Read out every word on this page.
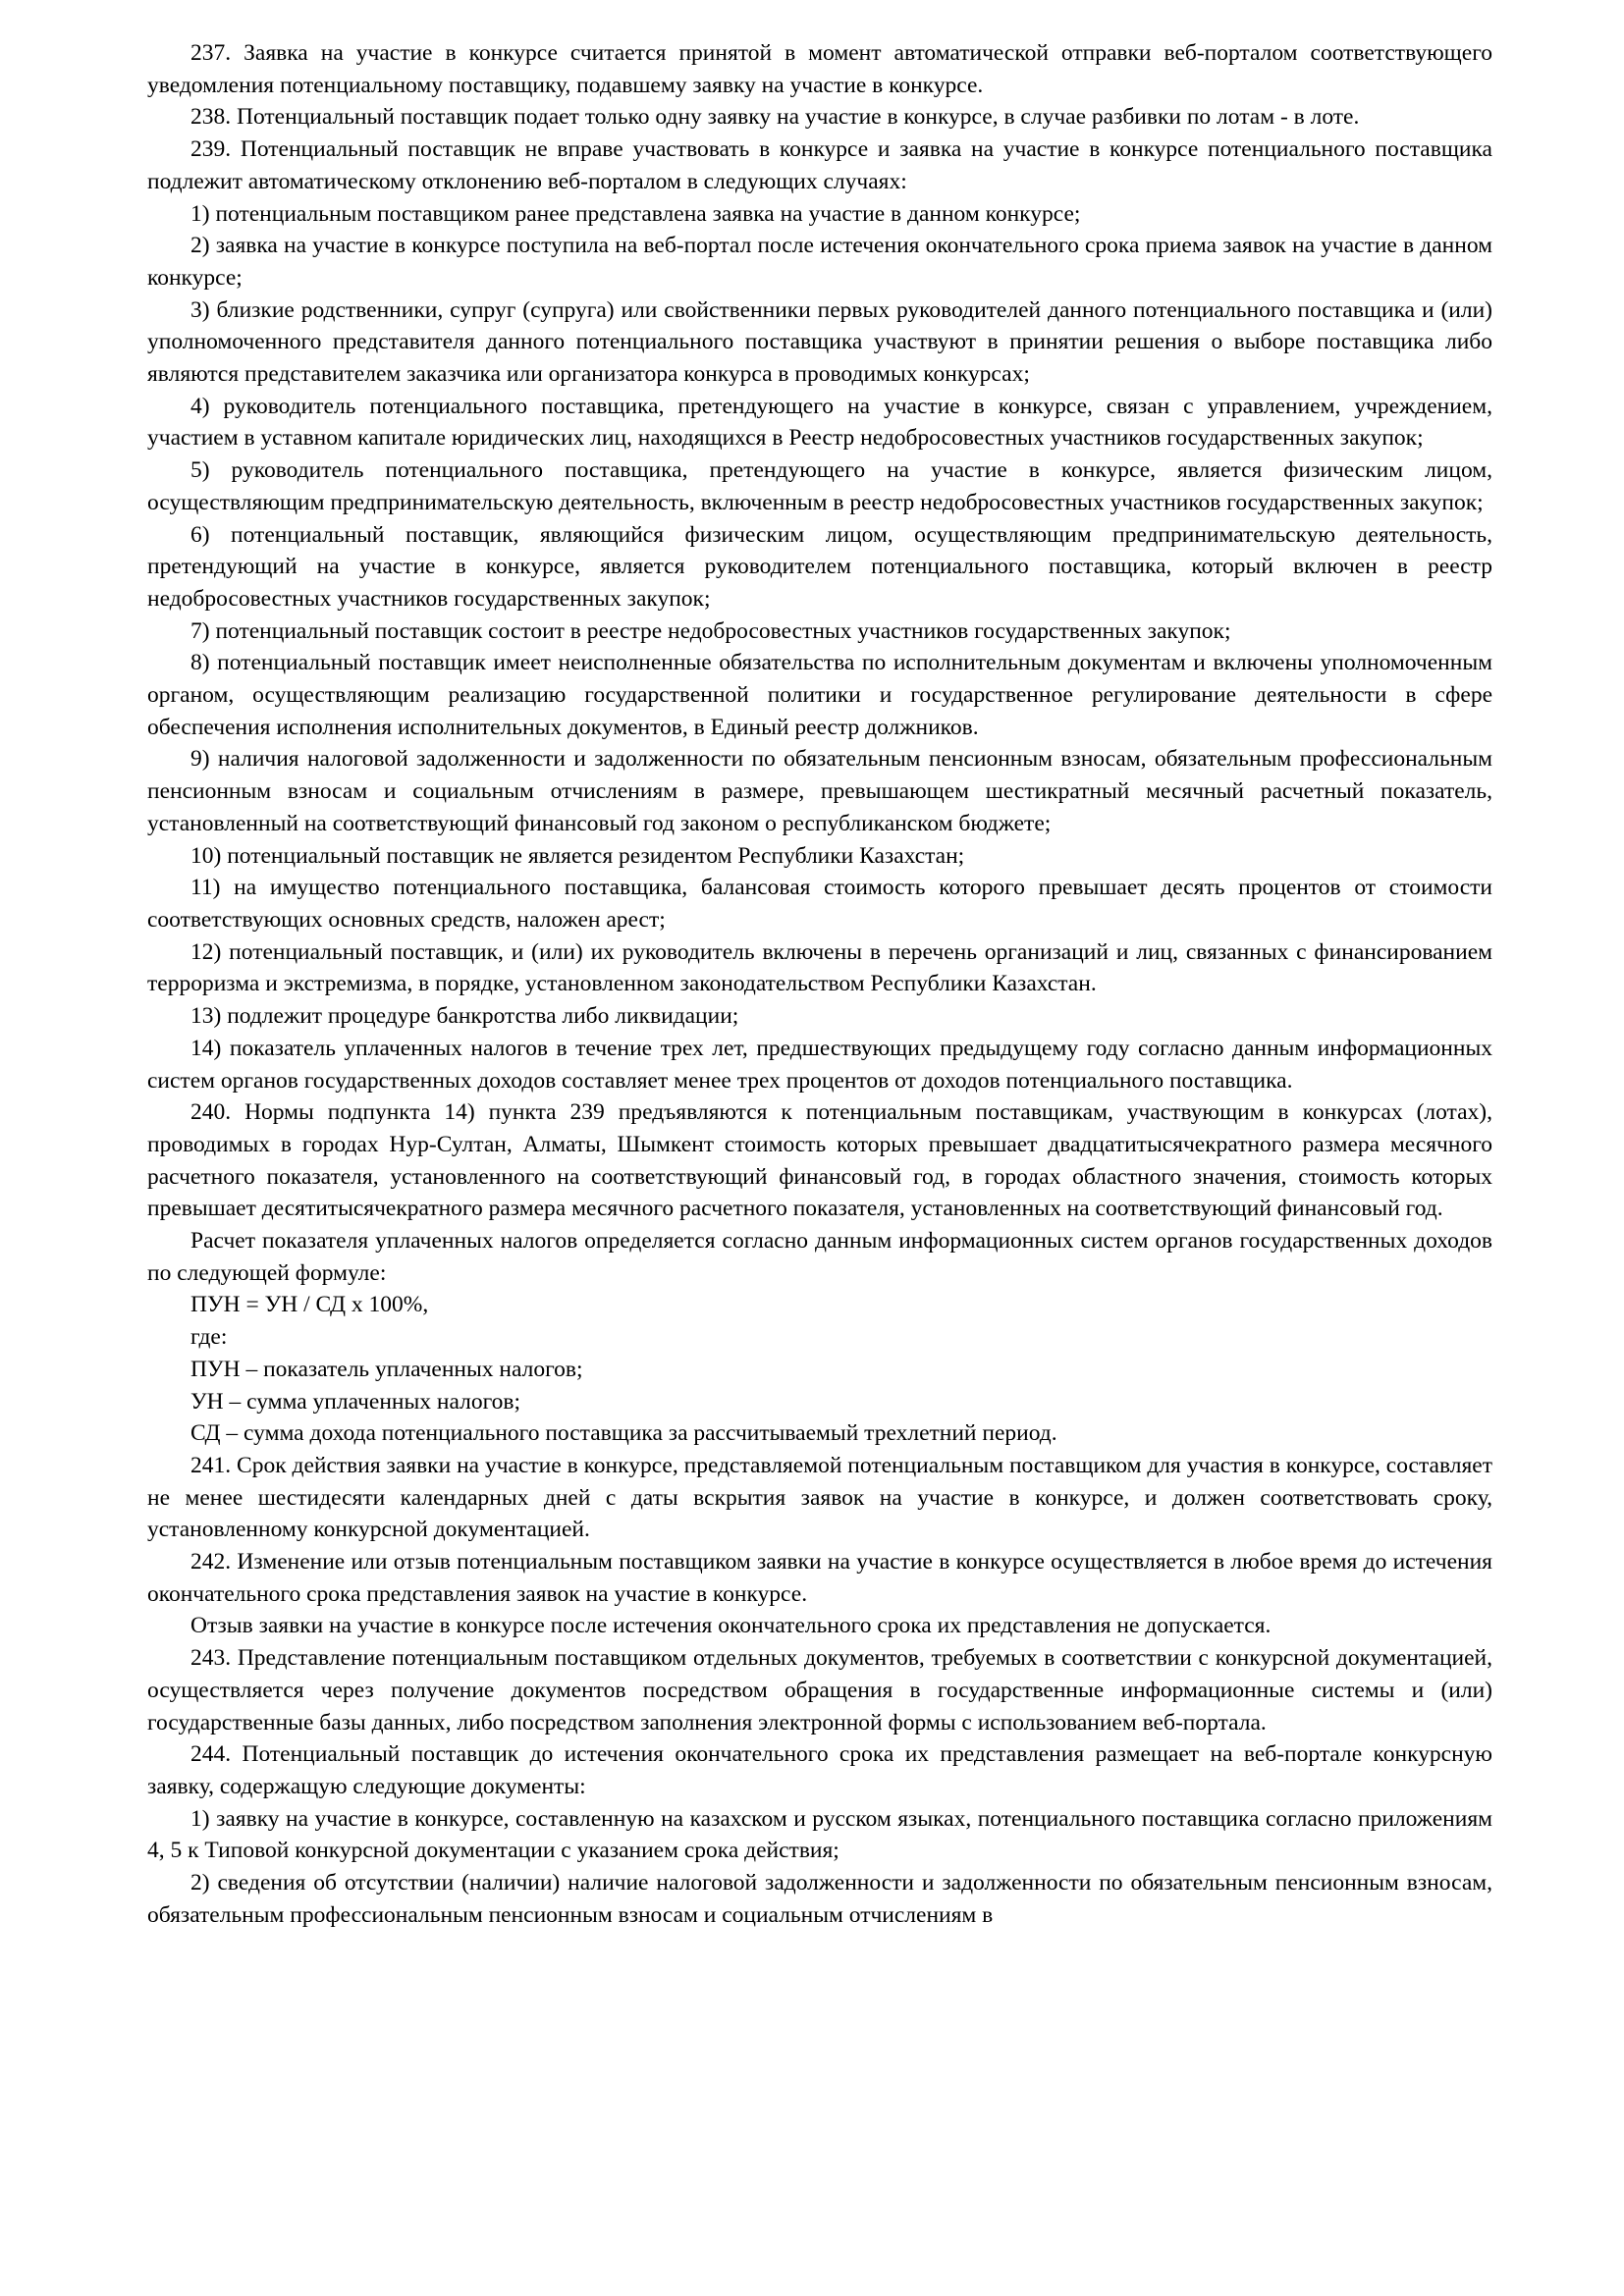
237. Заявка на участие в конкурсе считается принятой в момент автоматической отправки веб-порталом соответствующего уведомления потенциальному поставщику, подавшему заявку на участие в конкурсе.

238. Потенциальный поставщик подает только одну заявку на участие в конкурсе, в случае разбивки по лотам - в лоте.

239. Потенциальный поставщик не вправе участвовать в конкурсе и заявка на участие в конкурсе потенциального поставщика подлежит автоматическому отклонению веб-порталом в следующих случаях:

1) потенциальным поставщиком ранее представлена заявка на участие в данном конкурсе;

2) заявка на участие в конкурсе поступила на веб-портал после истечения окончательного срока приема заявок на участие в данном конкурсе;

3) близкие родственники, супруг (супруга) или свойственники первых руководителей данного потенциального поставщика и (или) уполномоченного представителя данного потенциального поставщика участвуют в принятии решения о выборе поставщика либо являются представителем заказчика или организатора конкурса в проводимых конкурсах;

4) руководитель потенциального поставщика, претендующего на участие в конкурсе, связан с управлением, учреждением, участием в уставном капитале юридических лиц, находящихся в Реестр недобросовестных участников государственных закупок;

5) руководитель потенциального поставщика, претендующего на участие в конкурсе, является физическим лицом, осуществляющим предпринимательскую деятельность, включенным в реестр недобросовестных участников государственных закупок;

6) потенциальный поставщик, являющийся физическим лицом, осуществляющим предпринимательскую деятельность, претендующий на участие в конкурсе, является руководителем потенциального поставщика, который включен в реестр недобросовестных участников государственных закупок;

7) потенциальный поставщик состоит в реестре недобросовестных участников государственных закупок;

8) потенциальный поставщик имеет неисполненные обязательства по исполнительным документам и включены уполномоченным органом, осуществляющим реализацию государственной политики и государственное регулирование деятельности в сфере обеспечения исполнения исполнительных документов, в Единый реестр должников.

9) наличия налоговой задолженности и задолженности по обязательным пенсионным взносам, обязательным профессиональным пенсионным взносам и социальным отчислениям в размере, превышающем шестикратный месячный расчетный показатель, установленный на соответствующий финансовый год законом о республиканском бюджете;

10) потенциальный поставщик не является резидентом Республики Казахстан;

11) на имущество потенциального поставщика, балансовая стоимость которого превышает десять процентов от стоимости соответствующих основных средств, наложен арест;

12) потенциальный поставщик, и (или) их руководитель включены в перечень организаций и лиц, связанных с финансированием терроризма и экстремизма, в порядке, установленном законодательством Республики Казахстан.

13) подлежит процедуре банкротства либо ликвидации;

14) показатель уплаченных налогов в течение трех лет, предшествующих предыдущему году согласно данным информационных систем органов государственных доходов составляет менее трех процентов от доходов потенциального поставщика.

240. Нормы подпункта 14) пункта 239 предъявляются к потенциальным поставщикам, участвующим в конкурсах (лотах), проводимых в городах Нур-Султан, Алматы, Шымкент стоимость которых превышает двадцатитысячекратного размера месячного расчетного показателя, установленного на соответствующий финансовый год, в городах областного значения, стоимость которых превышает десятитысячекратного размера месячного расчетного показателя, установленных на соответствующий финансовый год.

Расчет показателя уплаченных налогов определяется согласно данным информационных систем органов государственных доходов по следующей формуле:

ПУН = УН / СД х 100%,

где:

ПУН – показатель уплаченных налогов;

УН – сумма уплаченных налогов;

СД – сумма дохода потенциального поставщика за рассчитываемый трехлетний период.

241. Срок действия заявки на участие в конкурсе, представляемой потенциальным поставщиком для участия в конкурсе, составляет не менее шестидесяти календарных дней с даты вскрытия заявок на участие в конкурсе, и должен соответствовать сроку, установленному конкурсной документацией.

242. Изменение или отзыв потенциальным поставщиком заявки на участие в конкурсе осуществляется в любое время до истечения окончательного срока представления заявок на участие в конкурсе.

Отзыв заявки на участие в конкурсе после истечения окончательного срока их представления не допускается.

243. Представление потенциальным поставщиком отдельных документов, требуемых в соответствии с конкурсной документацией, осуществляется через получение документов посредством обращения в государственные информационные системы и (или) государственные базы данных, либо посредством заполнения электронной формы с использованием веб-портала.

244. Потенциальный поставщик до истечения окончательного срока их представления размещает на веб-портале конкурсную заявку, содержащую следующие документы:

1) заявку на участие в конкурсе, составленную на казахском и русском языках, потенциального поставщика согласно приложениям 4, 5 к Типовой конкурсной документации с указанием срока действия;

2) сведения об отсутствии (наличии) наличие налоговой задолженности и задолженности по обязательным пенсионным взносам, обязательным профессиональным пенсионным взносам и социальным отчислениям в
